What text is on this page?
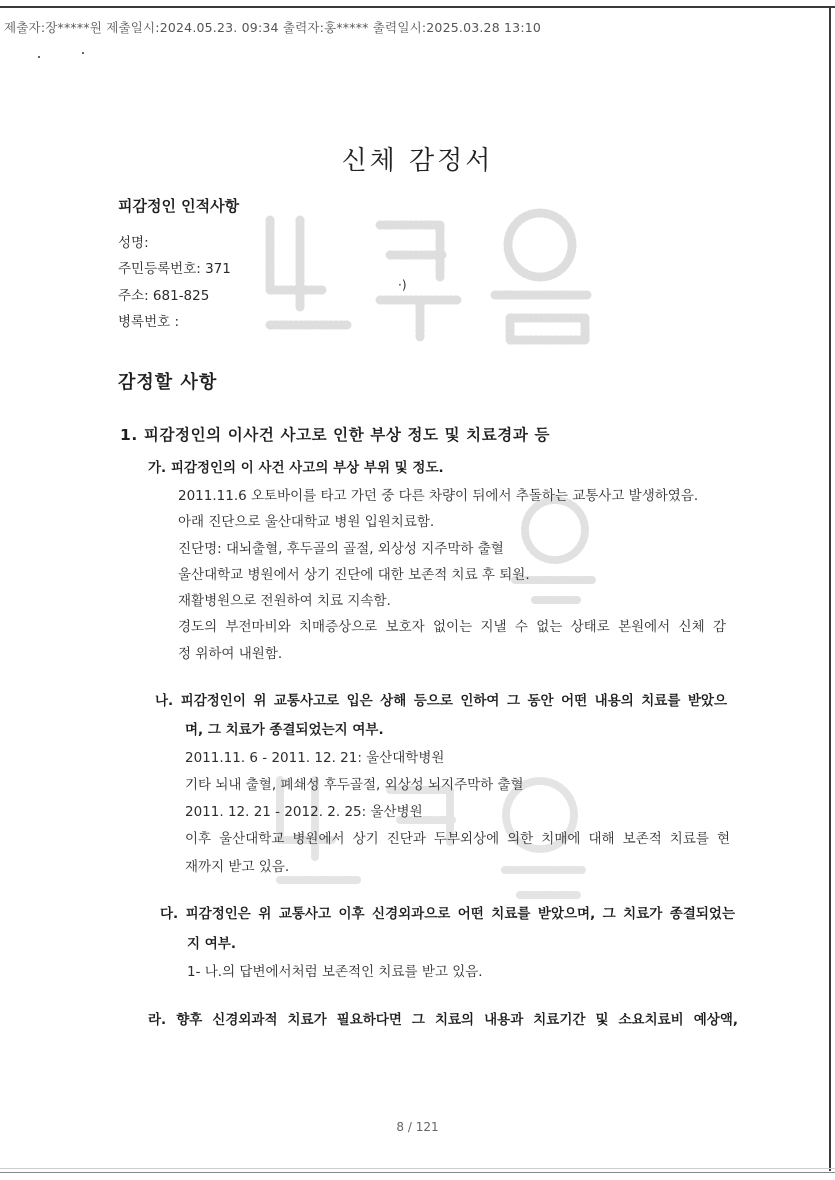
제출자:장*****원 제출일시:2024.05.23. 09:34 출력자:홍***** 출력일시:2025.03.28 13:10
신체 감정서
피감정인 인적사항
성명:
주민등록번호: 371
주소: 681-825
병록번호 :
·)
감정할 사항
1. 피감정인의 이사건 사고로 인한 부상 정도 및 치료경과 등
가. 피감정인의 이 사건 사고의 부상 부위 및 정도.
2011.11.6 오토바이를 타고 가던 중 다른 차량이 뒤에서 추돌하는 교통사고 발생하였음.
아래 진단으로 울산대학교 병원 입원치료함.
진단명: 대뇌출혈, 후두골의 골절, 외상성 지주막하 출혈
울산대학교 병원에서 상기 진단에 대한 보존적 치료 후 퇴원.
재활병원으로 전원하여 치료 지속함.
경도의 부전마비와 치매증상으로 보호자 없이는 지낼 수 없는 상태로 본원에서 신체 감
정 위하여 내원함.
나. 피감정인이 위 교통사고로 입은 상해 등으로 인하여 그 동안 어떤 내용의 치료를 받았으
며, 그 치료가 종결되었는지 여부.
2011.11. 6 - 2011. 12. 21: 울산대학병원
기타 뇌내 출혈, 폐쇄성 후두골절, 외상성 뇌지주막하 출혈
2011. 12. 21 - 2012. 2. 25: 울산병원
이후 울산대학교 병원에서 상기 진단과 두부외상에 의한 치매에 대해 보존적 치료를 현
재까지 받고 있음.
다. 피감정인은 위 교통사고 이후 신경외과으로 어떤 치료를 받았으며, 그 치료가 종결되었는
지 여부.
1- 나.의 답변에서처럼 보존적인 치료를 받고 있음.
라. 향후 신경외과적 치료가 필요하다면 그 치료의 내용과 치료기간 및 소요치료비 예상액,
8 / 121
